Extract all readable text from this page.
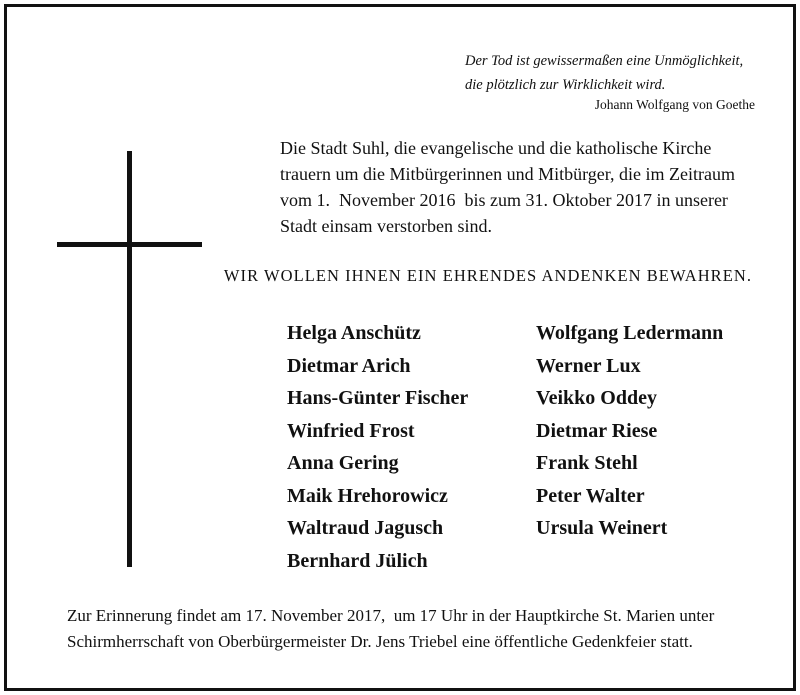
Der Tod ist gewissermaßen eine Unmöglichkeit,
die plötzlich zur Wirklichkeit wird.
Johann Wolfgang von Goethe
Die Stadt Suhl, die evangelische und die katholische Kirche
trauern um die Mitbürgerinnen und Mitbürger, die im Zeitraum
vom 1.  November 2016  bis zum 31. Oktober 2017 in unserer
Stadt einsam verstorben sind.
WIR WOLLEN IHNEN EIN EHRENDES ANDENKEN BEWAHREN.
Helga Anschütz
Dietmar Arich
Hans-Günter Fischer
Winfried Frost
Anna Gering
Maik Hrehorowicz
Waltraud Jagusch
Bernhard Jülich
Wolfgang Ledermann
Werner Lux
Veikko Oddey
Dietmar Riese
Frank Stehl
Peter Walter
Ursula Weinert
Zur Erinnerung findet am 17. November 2017,  um 17 Uhr in der Hauptkirche St. Marien unter
Schirmherrschaft von Oberbürgermeister Dr. Jens Triebel eine öffentliche Gedenkfeier statt.
